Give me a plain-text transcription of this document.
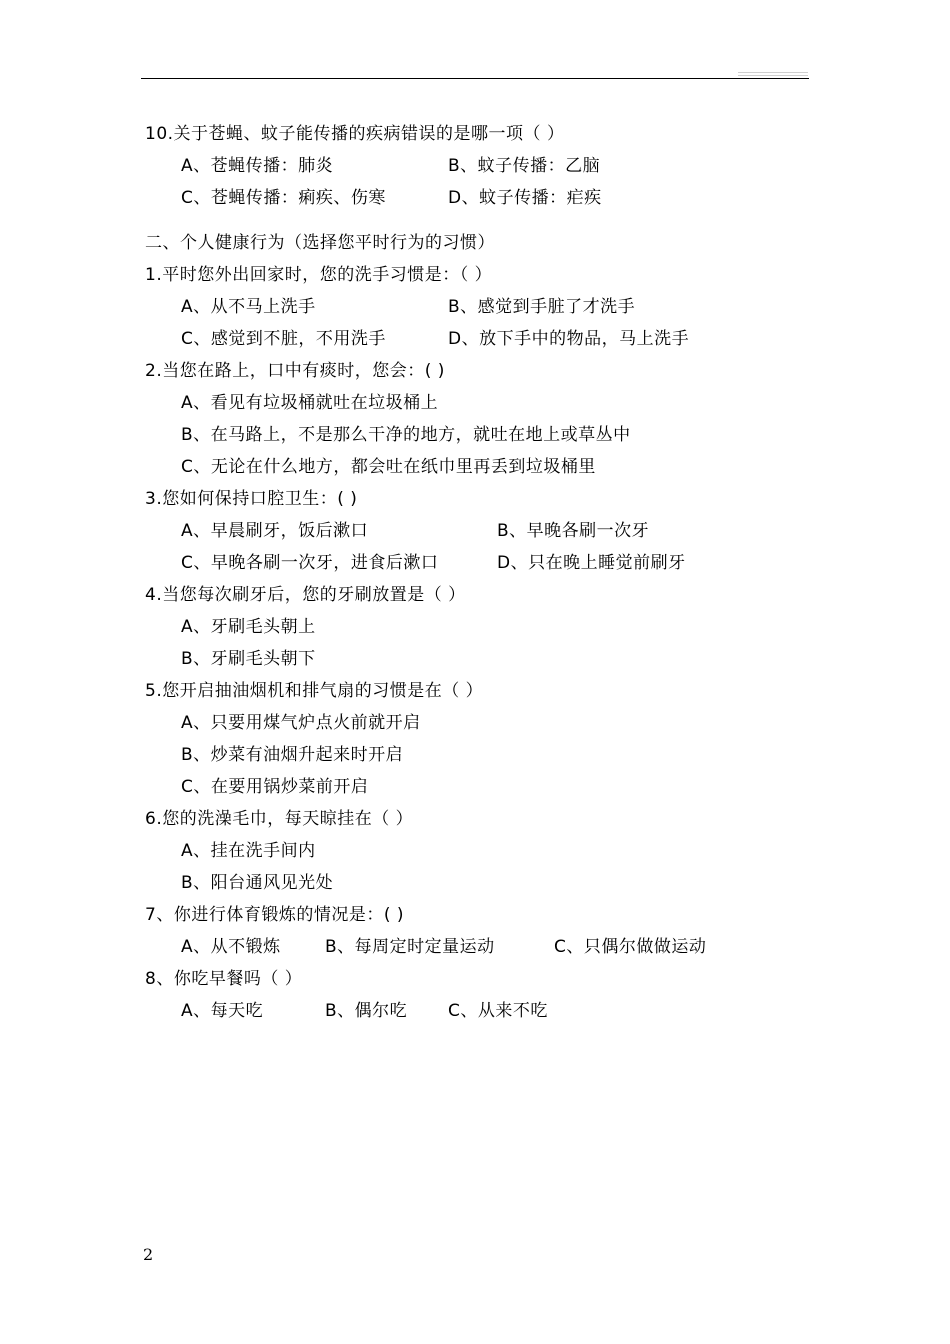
10.关于苍蝇、蚊子能传播的疾病错误的是哪一项（ ）
A、苍蝇传播：肺炎	B、蚊子传播：乙脑
C、苍蝇传播：痢疾、伤寒	D、蚊子传播：疟疾
二、个人健康行为（选择您平时行为的习惯）
1.平时您外出回家时，您的洗手习惯是：（ ）
A、从不马上洗手	B、感觉到手脏了才洗手
C、感觉到不脏，不用洗手	D、放下手中的物品，马上洗手
2.当您在路上，口中有痰时，您会：( )
A、看见有垃圾桶就吐在垃圾桶上
B、在马路上，不是那么干净的地方，就吐在地上或草丛中
C、无论在什么地方，都会吐在纸巾里再丢到垃圾桶里
3.您如何保持口腔卫生：( )
A、早晨刷牙，饭后漱口	B、早晚各刷一次牙
C、早晚各刷一次牙，进食后漱口	D、只在晚上睡觉前刷牙
4.当您每次刷牙后，您的牙刷放置是（ ）
A、牙刷毛头朝上
B、牙刷毛头朝下
5.您开启抽油烟机和排气扇的习惯是在（ ）
A、只要用煤气炉点火前就开启
B、炒菜有油烟升起来时开启
C、在要用锅炒菜前开启
6.您的洗澡毛巾，每天晾挂在（ ）
A、挂在洗手间内
B、阳台通风见光处
7、你进行体育锻炼的情况是：( )
A、从不锻炼	B、每周定时定量运动	C、只偶尔做做运动
8、你吃早餐吗（ ）
A、每天吃	B、偶尔吃 C、从来不吃
2
